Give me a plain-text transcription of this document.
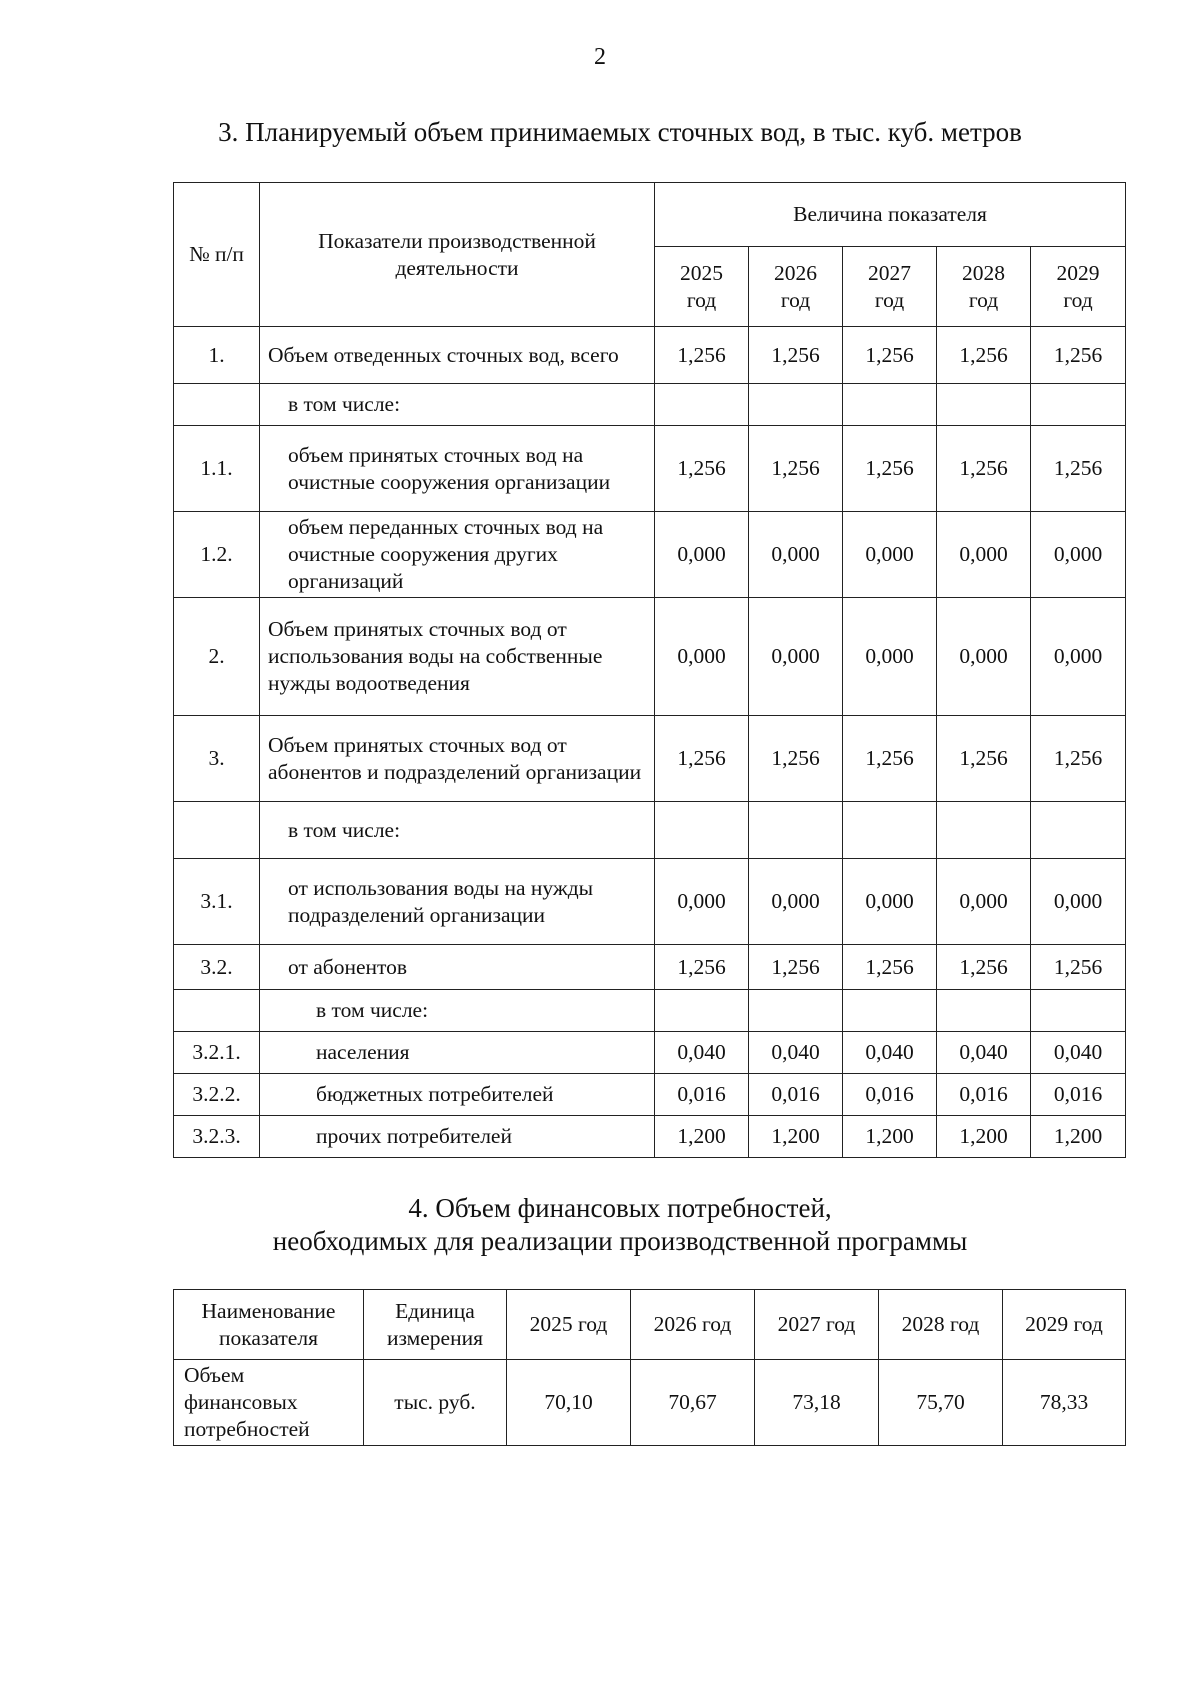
2
3. Планируемый объем принимаемых сточных вод, в тыс. куб. метров
№ п/п	Показатели производственной деятельности	Величина показателя				
		2025 год	2026 год	2027 год	2028 год	2029 год
1.	Объем отведенных сточных вод, всего	1,256	1,256	1,256	1,256	1,256
	в том числе:					
1.1.	объем принятых сточных вод на очистные сооружения организации	1,256	1,256	1,256	1,256	1,256
1.2.	объем переданных сточных вод на очистные сооружения других организаций	0,000	0,000	0,000	0,000	0,000
2.	Объем принятых сточных вод от использования воды на собственные нужды водоотведения	0,000	0,000	0,000	0,000	0,000
3.	Объем принятых сточных вод от абонентов и подразделений организации	1,256	1,256	1,256	1,256	1,256
	в том числе:					
3.1.	от использования воды на нужды подразделений организации	0,000	0,000	0,000	0,000	0,000
3.2.	от абонентов	1,256	1,256	1,256	1,256	1,256
	в том числе:					
3.2.1.	населения	0,040	0,040	0,040	0,040	0,040
3.2.2.	бюджетных потребителей	0,016	0,016	0,016	0,016	0,016
3.2.3.	прочих потребителей	1,200	1,200	1,200	1,200	1,200
4. Объем финансовых потребностей,
необходимых для реализации производственной программы
Наименование показателя	Единица измерения	2025 год	2026 год	2027 год	2028 год	2029 год
Объем финансовых потребностей	тыс. руб.	70,10	70,67	73,18	75,70	78,33
